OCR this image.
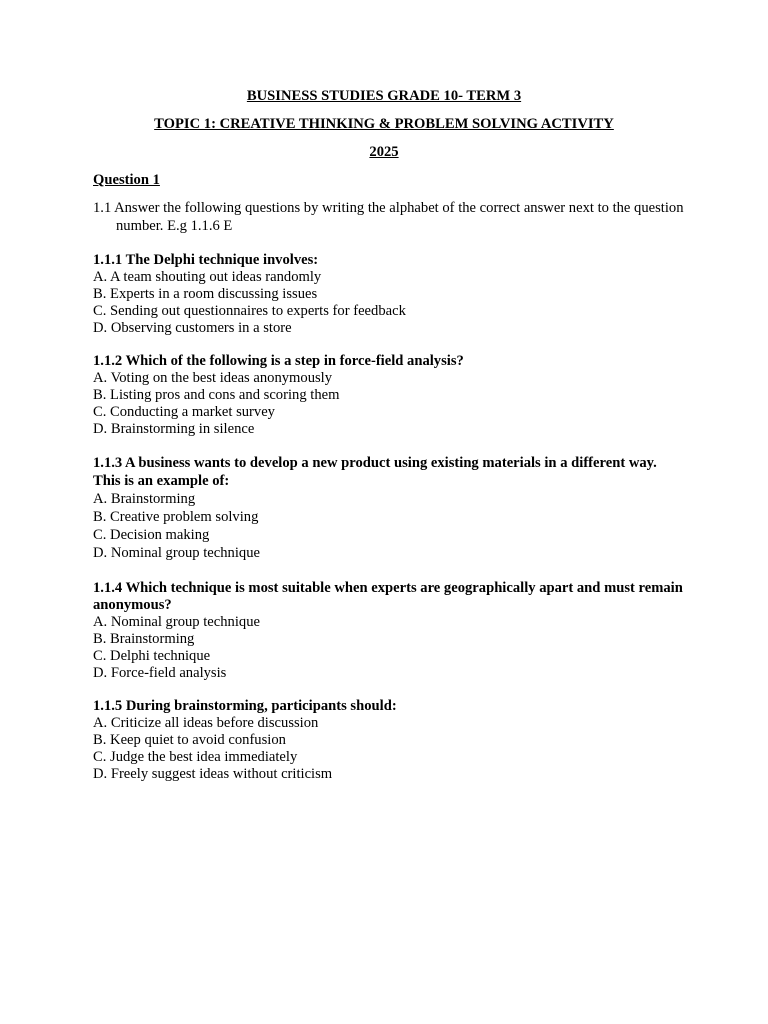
BUSINESS STUDIES GRADE 10- TERM 3
TOPIC 1: CREATIVE THINKING & PROBLEM SOLVING ACTIVITY
2025
Question 1
1.1 Answer the following questions by writing the alphabet of the correct answer next to the question number. E.g 1.1.6 E
1.1.1 The Delphi technique involves:
A. A team shouting out ideas randomly
B. Experts in a room discussing issues
C. Sending out questionnaires to experts for feedback
D. Observing customers in a store
1.1.2 Which of the following is a step in force-field analysis?
A. Voting on the best ideas anonymously
B. Listing pros and cons and scoring them
C. Conducting a market survey
D. Brainstorming in silence
1.1.3 A business wants to develop a new product using existing materials in a different way. This is an example of:
A. Brainstorming
B. Creative problem solving
C. Decision making
D. Nominal group technique
1.1.4 Which technique is most suitable when experts are geographically apart and must remain anonymous?
A. Nominal group technique
B. Brainstorming
C. Delphi technique
D. Force-field analysis
1.1.5 During brainstorming, participants should:
A. Criticize all ideas before discussion
B. Keep quiet to avoid confusion
C. Judge the best idea immediately
D. Freely suggest ideas without criticism
